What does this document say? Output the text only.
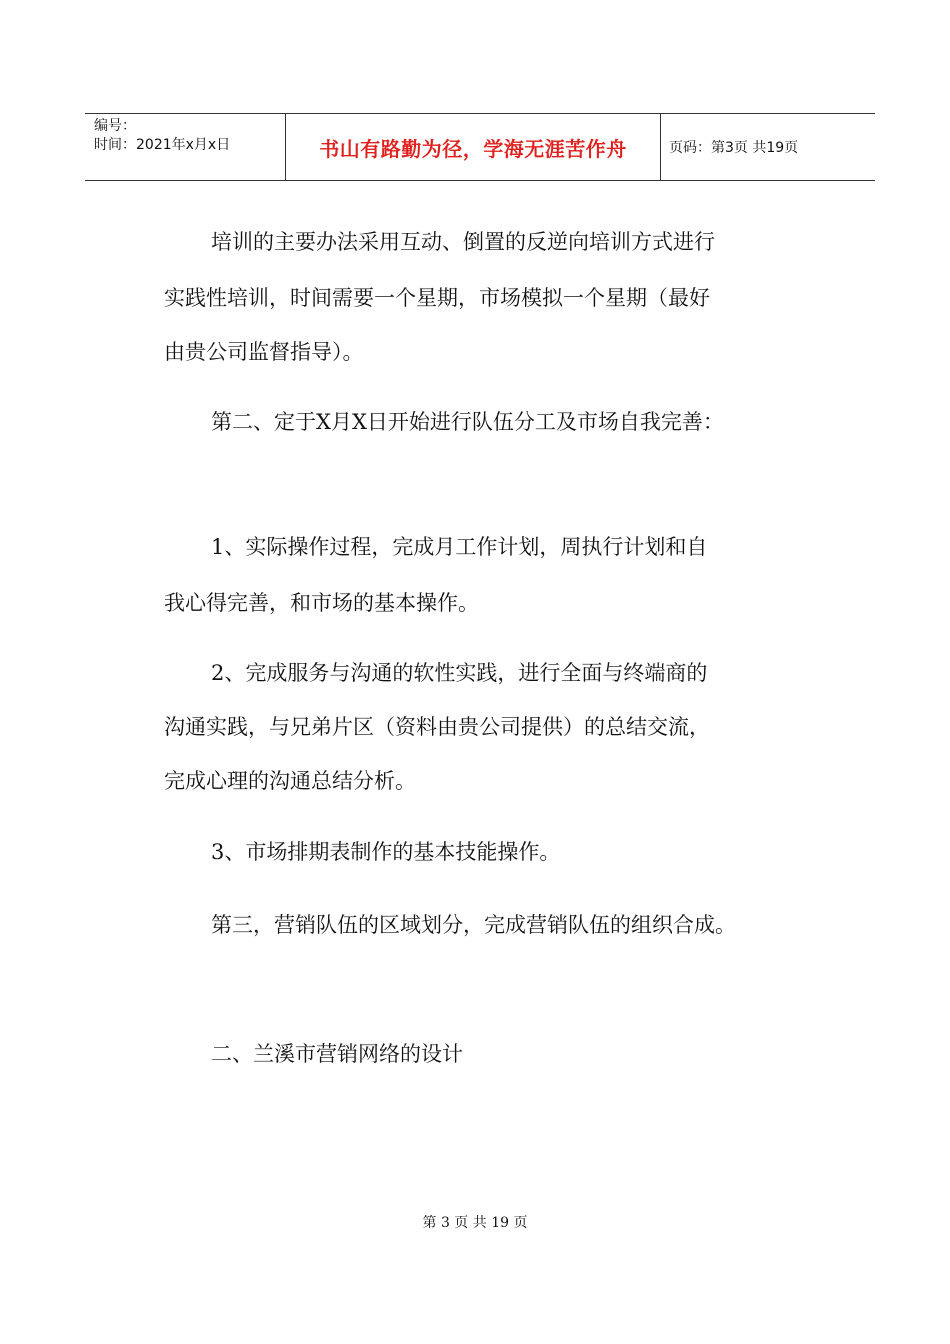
编号：
时间：2021年x月x日	书山有路勤为径，学海无涯苦作舟	页码：第3页 共19页

培训的主要办法采用互动、倒置的反逆向培训方式进行

实践性培训，时间需要一个星期，市场模拟一个星期（最好

由贵公司监督指导）。

第二、定于X月X日开始进行队伍分工及市场自我完善：

1、实际操作过程，完成月工作计划，周执行计划和自

我心得完善，和市场的基本操作。

2、完成服务与沟通的软性实践，进行全面与终端商的

沟通实践，与兄弟片区（资料由贵公司提供）的总结交流，

完成心理的沟通总结分析。

3、市场排期表制作的基本技能操作。

第三，营销队伍的区域划分，完成营销队伍的组织合成。

二、兰溪市营销网络的设计

第 3 页 共 19 页
